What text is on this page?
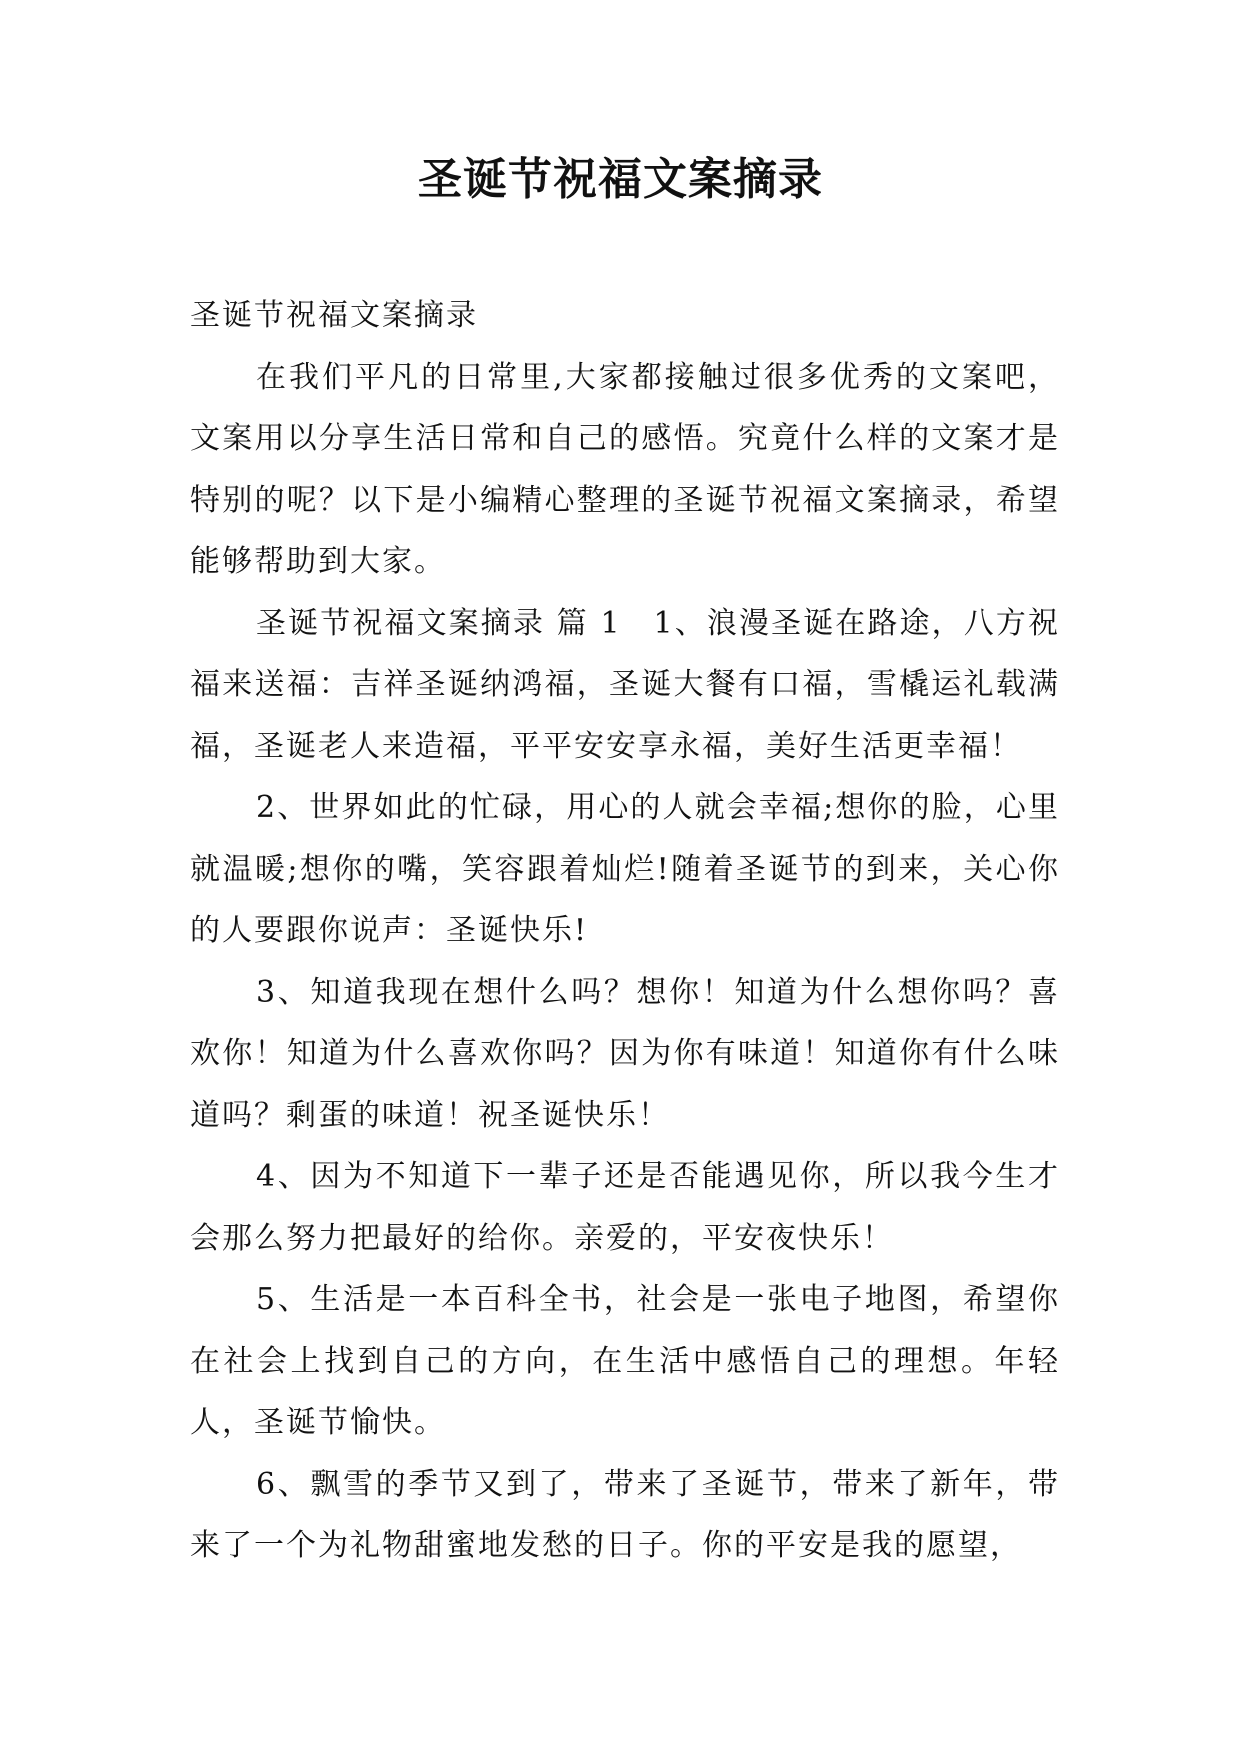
圣诞节祝福文案摘录

圣诞节祝福文案摘录

在我们平凡的日常里,大家都接触过很多优秀的文案吧，文案用以分享生活日常和自己的感悟。究竟什么样的文案才是特别的呢？以下是小编精心整理的圣诞节祝福文案摘录，希望能够帮助到大家。

圣诞节祝福文案摘录 篇 1 1、浪漫圣诞在路途，八方祝福来送福：吉祥圣诞纳鸿福，圣诞大餐有口福，雪橇运礼载满福，圣诞老人来造福，平平安安享永福，美好生活更幸福！

2、世界如此的忙碌，用心的人就会幸福;想你的脸，心里就温暖;想你的嘴，笑容跟着灿烂!随着圣诞节的到来，关心你的人要跟你说声：圣诞快乐!

3、知道我现在想什么吗？想你！知道为什么想你吗？喜欢你！知道为什么喜欢你吗？因为你有味道！知道你有什么味道吗？剩蛋的味道！祝圣诞快乐！

4、因为不知道下一辈子还是否能遇见你，所以我今生才会那么努力把最好的给你。亲爱的，平安夜快乐！

5、生活是一本百科全书，社会是一张电子地图，希望你在社会上找到自己的方向，在生活中感悟自己的理想。年轻人，圣诞节愉快。

6、飘雪的季节又到了，带来了圣诞节，带来了新年，带来了一个为礼物甜蜜地发愁的日子。你的平安是我的愿望，
